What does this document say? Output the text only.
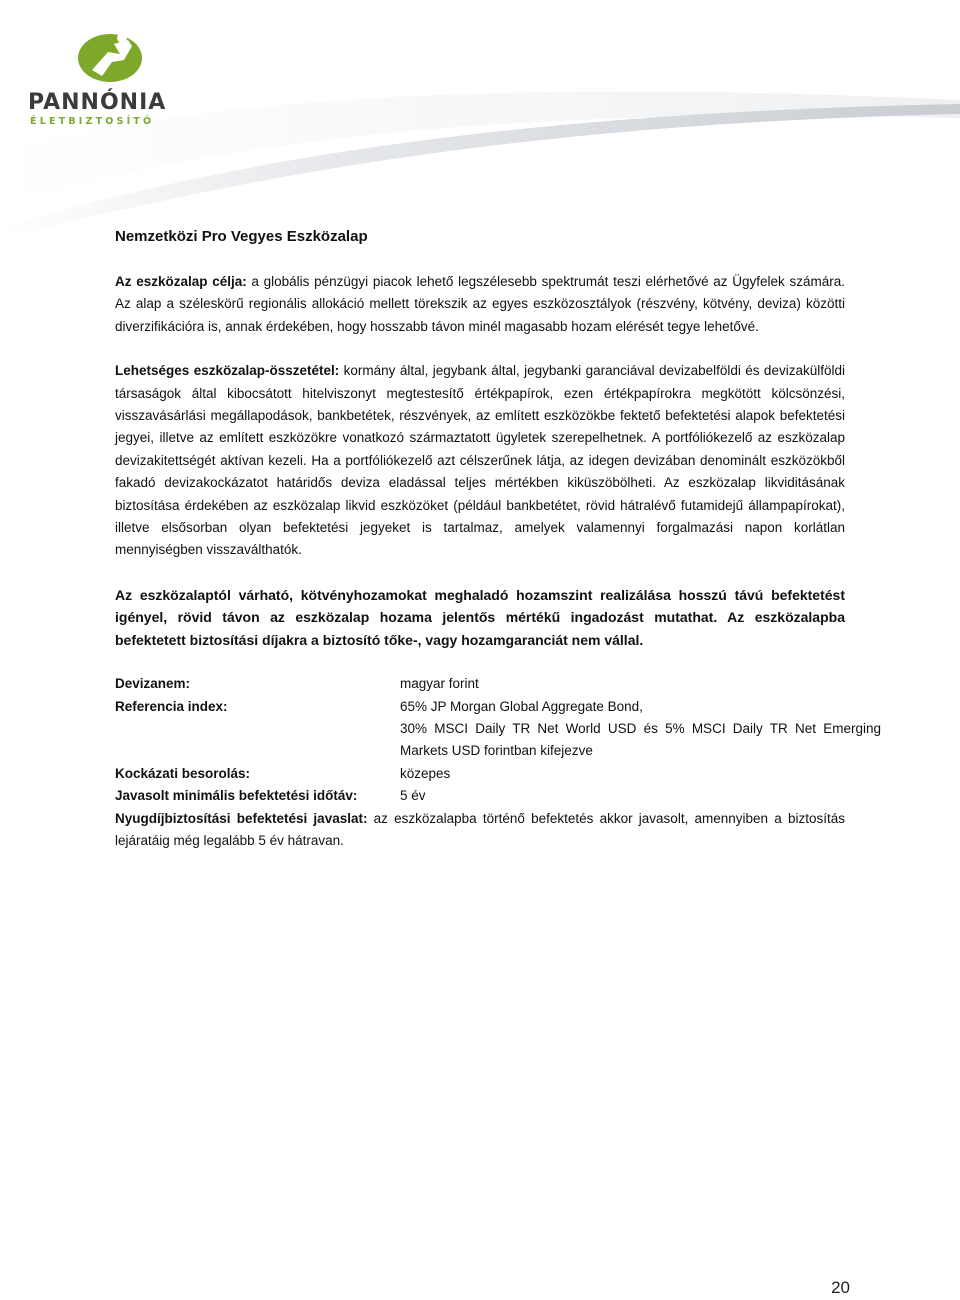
PANNÓNIA
ÉLETBIZTOSÍTÓ
Nemzetközi Pro Vegyes Eszközalap

Az eszközalap célja: a globális pénzügyi piacok lehető legszélesebb spektrumát teszi elérhetővé az Ügyfelek számára. Az alap a széleskörű regionális allokáció mellett törekszik az egyes eszközosztályok (részvény, kötvény, deviza) közötti diverzifikációra is, annak érdekében, hogy hosszabb távon minél magasabb hozam elérését tegye lehetővé.

Lehetséges eszközalap-összetétel: kormány által, jegybank által, jegybanki garanciával devizabelföldi és devizakülföldi társaságok által kibocsátott hitelviszonyt megtestesítő értékpapírok, ezen értékpapírokra megkötött kölcsönzési, visszavásárlási megállapodások, bankbetétek, részvények, az említett eszközökbe fektető befektetési alapok befektetési jegyei, illetve az említett eszközökre vonatkozó származtatott ügyletek szerepelhetnek. A portfóliókezelő az eszközalap devizakitettségét aktívan kezeli. Ha a portfóliókezelő azt célszerűnek látja, az idegen devizában denominált eszközökből fakadó devizakockázatot határidős deviza eladással teljes mértékben kiküszöbölheti. Az eszközalap likviditásának biztosítása érdekében az eszközalap likvid eszközöket (például bankbetétet, rövid hátralévő futamidejű állampapírokat), illetve elsősorban olyan befektetési jegyeket is tartalmaz, amelyek valamennyi forgalmazási napon korlátlan mennyiségben visszaválthatók.

Az eszközalaptól várható, kötvényhozamokat meghaladó hozamszint realizálása hosszú távú befektetést igényel, rövid távon az eszközalap hozama jelentős mértékű ingadozást mutathat. Az eszközalapba befektetett biztosítási díjakra a biztosító tőke-, vagy hozamgaranciát nem vállal.

Devizanem:	magyar forint
Referencia index:	65% JP Morgan Global Aggregate Bond,
30% MSCI Daily TR Net World USD és 5% MSCI Daily TR Net Emerging Markets USD forintban kifejezve
Kockázati besorolás:	közepes
Javasolt minimális befektetési időtáv:	5 év

Nyugdíjbiztosítási befektetési javaslat: az eszközalapba történő befektetés akkor javasolt, amennyiben a biztosítás lejáratáig még legalább 5 év hátravan.

20
